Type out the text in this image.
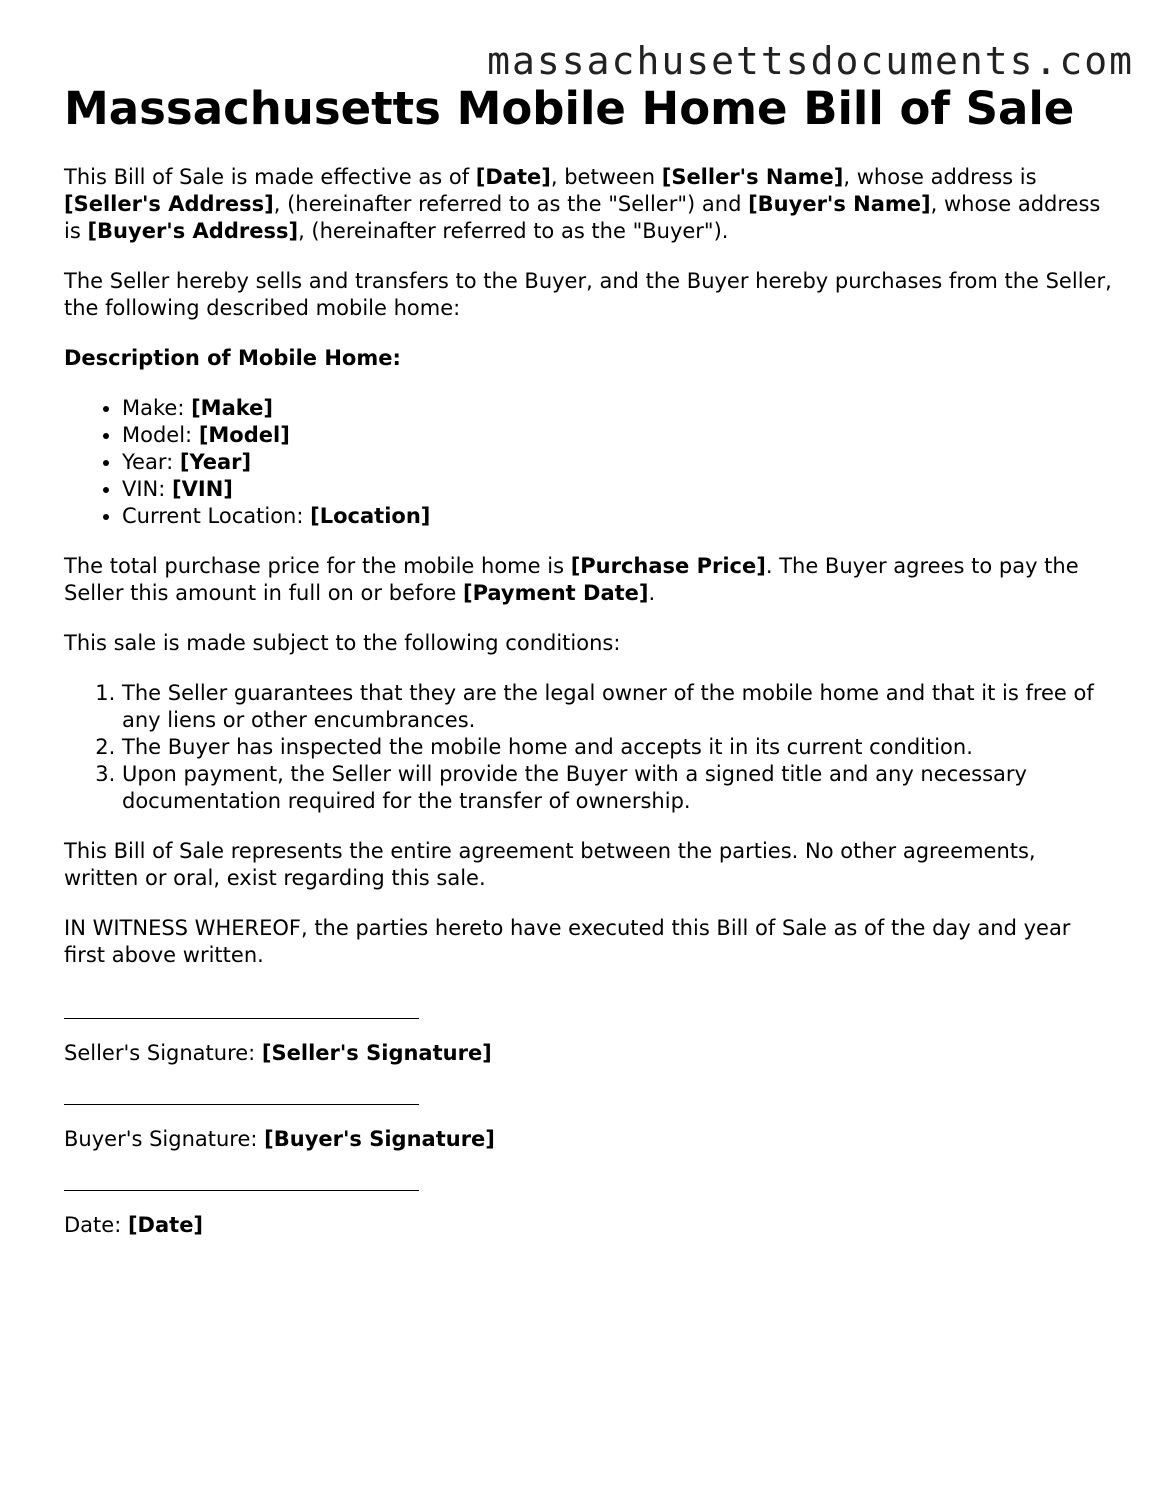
massachusettsdocuments.com
Massachusetts Mobile Home Bill of Sale

This Bill of Sale is made effective as of [Date], between [Seller's Name], whose address is [Seller's Address], (hereinafter referred to as the "Seller") and [Buyer's Name], whose address is [Buyer's Address], (hereinafter referred to as the "Buyer").

The Seller hereby sells and transfers to the Buyer, and the Buyer hereby purchases from the Seller, the following described mobile home:

Description of Mobile Home:

• Make: [Make]
• Model: [Model]
• Year: [Year]
• VIN: [VIN]
• Current Location: [Location]

The total purchase price for the mobile home is [Purchase Price]. The Buyer agrees to pay the Seller this amount in full on or before [Payment Date].

This sale is made subject to the following conditions:

1. The Seller guarantees that they are the legal owner of the mobile home and that it is free of any liens or other encumbrances.
2. The Buyer has inspected the mobile home and accepts it in its current condition.
3. Upon payment, the Seller will provide the Buyer with a signed title and any necessary documentation required for the transfer of ownership.

This Bill of Sale represents the entire agreement between the parties. No other agreements, written or oral, exist regarding this sale.

IN WITNESS WHEREOF, the parties hereto have executed this Bill of Sale as of the day and year first above written.

Seller's Signature: [Seller's Signature]

Buyer's Signature: [Buyer's Signature]

Date: [Date]
